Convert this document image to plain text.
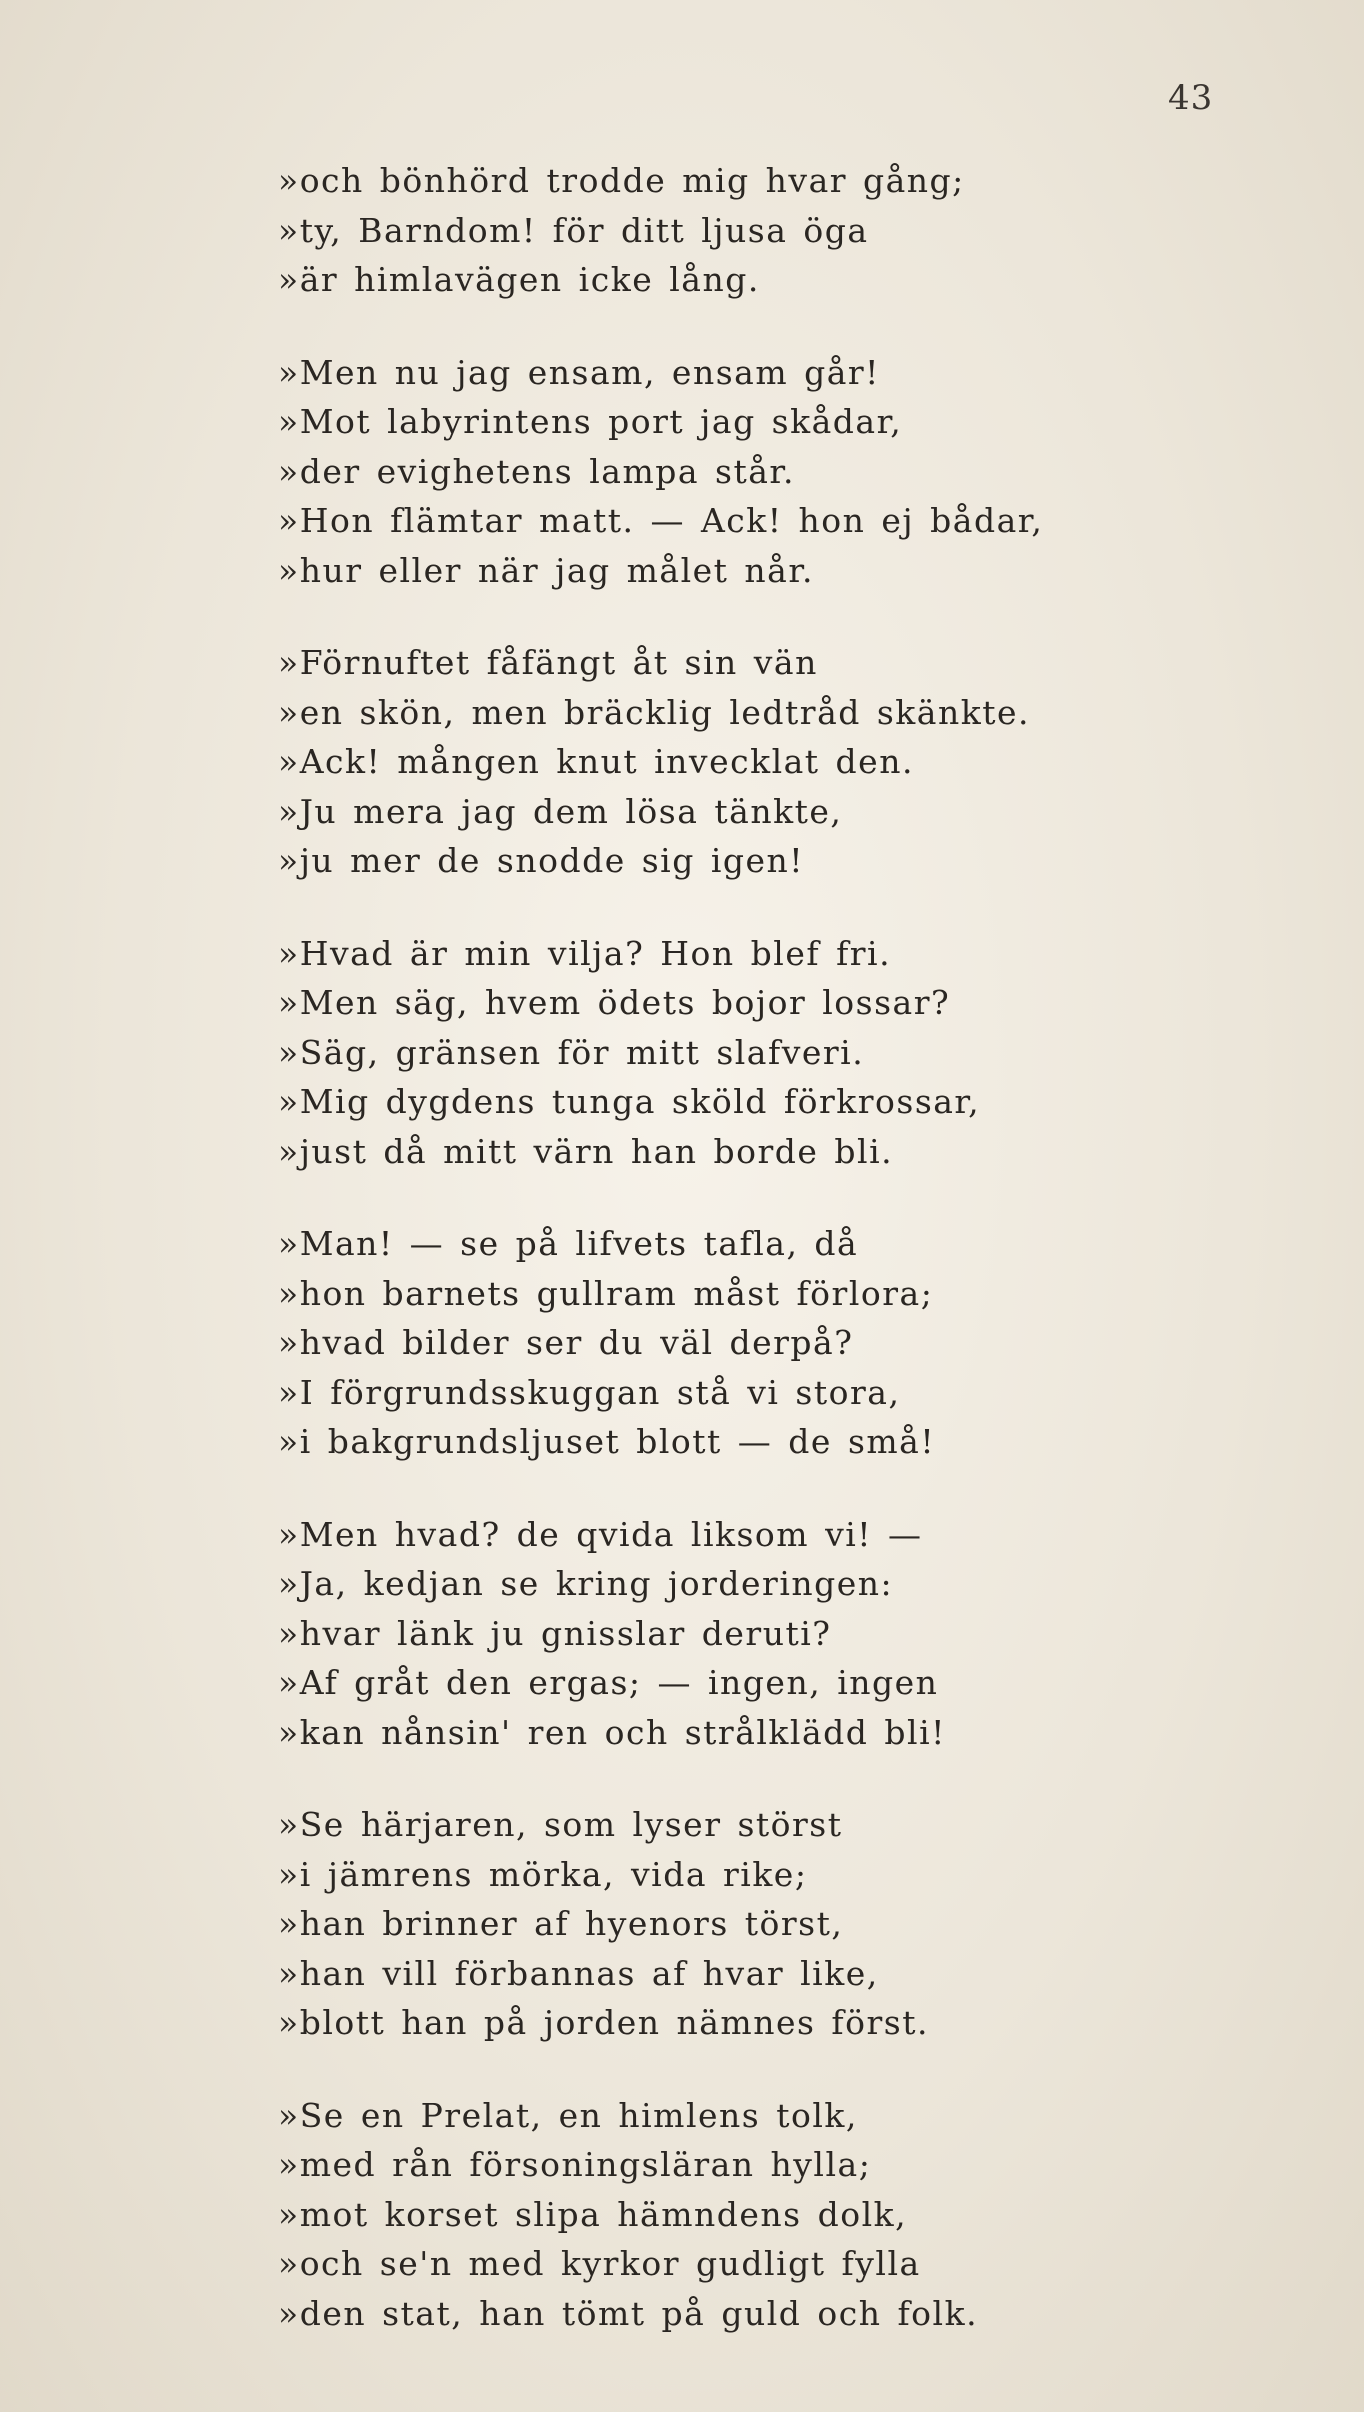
43
»och bönhörd trodde mig hvar gång;
»ty, Barndom! för ditt ljusa öga
»är himlavägen icke lång.
»Men nu jag ensam, ensam går!
»Mot labyrintens port jag skådar,
»der evighetens lampa står.
»Hon flämtar matt. — Ack! hon ej bådar,
»hur eller när jag målet når.
»Förnuftet fåfängt åt sin vän
»en skön, men bräcklig ledtråd skänkte.
»Ack! mången knut invecklat den.
»Ju mera jag dem lösa tänkte,
»ju mer de snodde sig igen!
»Hvad är min vilja? Hon blef fri.
»Men säg, hvem ödets bojor lossar?
»Säg, gränsen för mitt slafveri.
»Mig dygdens tunga sköld förkrossar,
»just då mitt värn han borde bli.
»Man! — se på lifvets tafla, då
»hon barnets gullram måst förlora;
»hvad bilder ser du väl derpå?
»I förgrundsskuggan stå vi stora,
»i bakgrundsljuset blott — de små!
»Men hvad? de qvida liksom vi! —
»Ja, kedjan se kring jorderingen:
»hvar länk ju gnisslar deruti?
»Af gråt den ergas; — ingen, ingen
»kan nånsin' ren och strålklädd bli!
»Se härjaren, som lyser störst
»i jämrens mörka, vida rike;
»han brinner af hyenors törst,
»han vill förbannas af hvar like,
»blott han på jorden nämnes först.
»Se en Prelat, en himlens tolk,
»med rån försoningsläran hylla;
»mot korset slipa hämndens dolk,
»och se'n med kyrkor gudligt fylla
»den stat, han tömt på guld och folk.
